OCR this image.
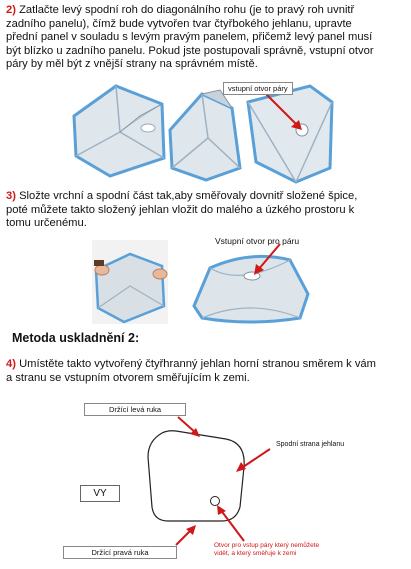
2) Zatlačte levý spodní roh do diagonálního rohu (je to pravý roh uvnitř
zadního panelu), čímž bude vytvořen tvar čtyřbokého jehlanu, upravte
přední panel v souladu s levým pravým panelem, přičemž levý panel musí
být blízko u zadního panelu. Pokud jste postupovali správně, vstupní otvor
páry by měl být z vnější strany na správném místě.
vstupní otvor páry
3) Složte vrchní a spodní část tak,aby směřovaly dovnitř složené špice,
poté můžete takto složený jehlan vložit do malého a úzkého prostoru k
tomu určenému.
Vstupní otvor pro páru
Metoda uskladnění 2:
4) Umístěte takto vytvořený čtyřhranný jehlan horní stranou směrem k vám
a stranu se vstupním otvorem směřujícím k zemi.
Držící levá ruka
Spodní strana jehlanu
VY
Držící pravá ruka
Otvor pro vstup páry který nemůžete
vidět, a který směřuje k zemi
